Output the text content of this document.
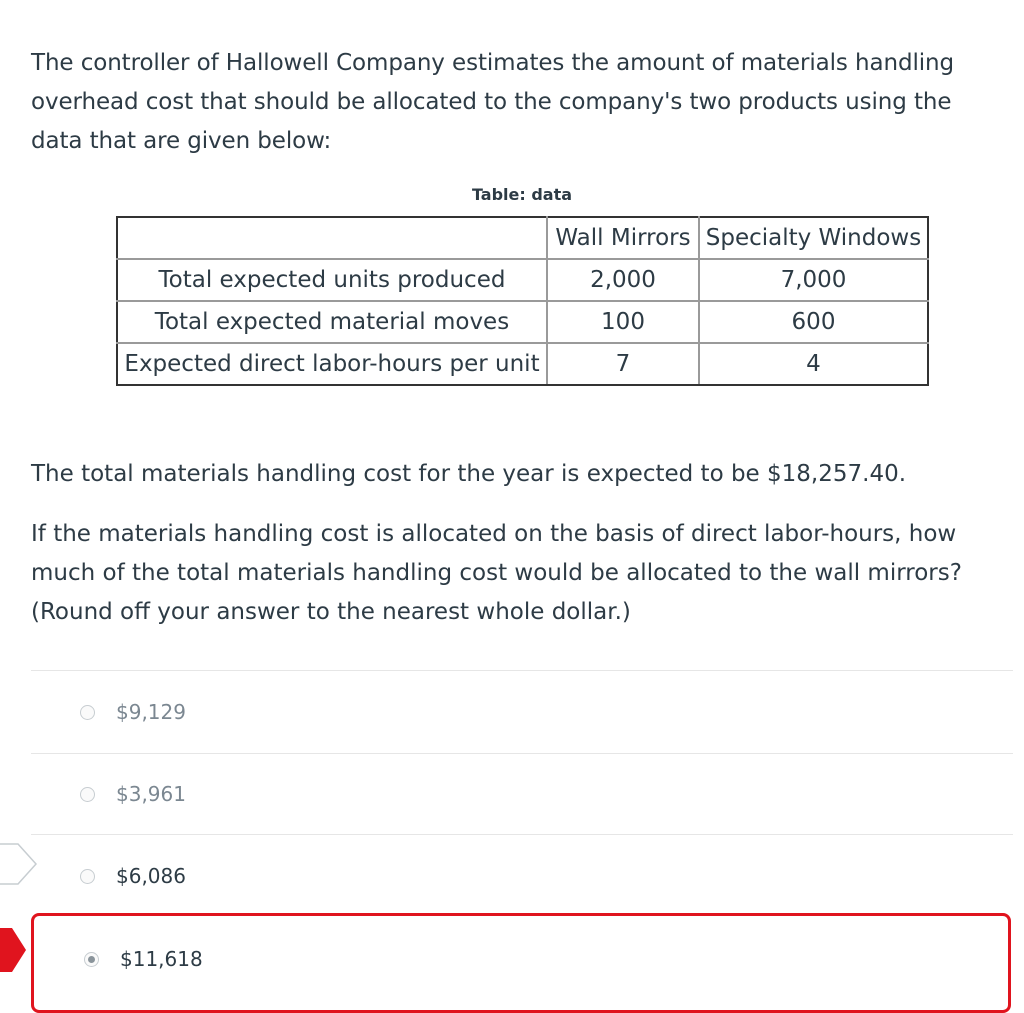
The controller of Hallowell Company estimates the amount of materials handling overhead cost that should be allocated to the company's two products using the data that are given below:

Table: data
	Wall Mirrors	Specialty Windows
Total expected units produced	2,000	7,000
Total expected material moves	100	600
Expected direct labor-hours per unit	7	4

The total materials handling cost for the year is expected to be $18,257.40.

If the materials handling cost is allocated on the basis of direct labor-hours, how much of the total materials handling cost would be allocated to the wall mirrors? (Round off your answer to the nearest whole dollar.)

$9,129
$3,961
$6,086
$11,618
